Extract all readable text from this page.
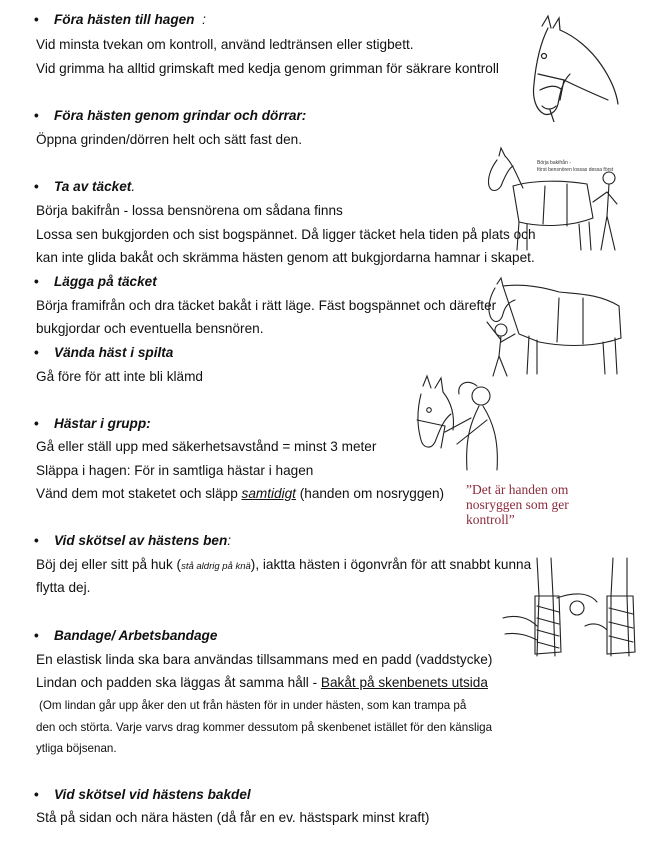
• Föra hästen till hagen :
Vid minsta tvekan om kontroll, använd ledtränsen eller stigbett.
Vid grimma ha alltid grimskaft med kedja genom grimman för säkrare kontroll
• Föra hästen genom grindar och dörrar:
Öppna grinden/dörren helt och sätt fast den.
• Ta av täcket.
Börja bakifrån - lossa bensnörena om sådana finns
Lossa sen bukgjorden och sist bogspännet. Då ligger täcket hela tiden på plats och
kan inte glida bakåt och skrämma hästen genom att bukgjordarna hamnar i skapet.
• Lägga på täcket
Börja framifrån och dra täcket bakåt i rätt läge. Fäst bogspännet och därefter
bukgjordar och eventuella bensnören.
• Vända häst i spilta
Gå före för att inte bli klämd
• Hästar i grupp:
Gå eller ställ upp med säkerhetsavstånd = minst 3 meter
Släppa i hagen: För in samtliga hästar i hagen
Vänd dem mot staketet och släpp samtidigt (handen om nosryggen)
• Vid skötsel av hästens ben:
Böj dej eller sitt på huk (stå aldrig på knä), iaktta hästen i ögonvrån för att snabbt kunna
flytta dej.
• Bandage/ Arbetsbandage
En elastisk linda ska bara användas tillsammans med en padd (vaddstycke)
Lindan och padden ska läggas åt samma håll - Bakåt på skenbenets utsida
(Om lindan går upp åker den ut från hästen för in under hästen, som kan trampa på
den och störta. Varje varvs drag kommer dessutom på skenbenet istället för den känsliga
ytliga böjsenan.
• Vid skötsel vid hästens bakdel
Stå på sidan och nära hästen (då får en ev. hästspark minst kraft)
”Det är handen om
nosryggen som ger
kontroll”
Börja bakifrån -
först bensnören lossas dessa först
